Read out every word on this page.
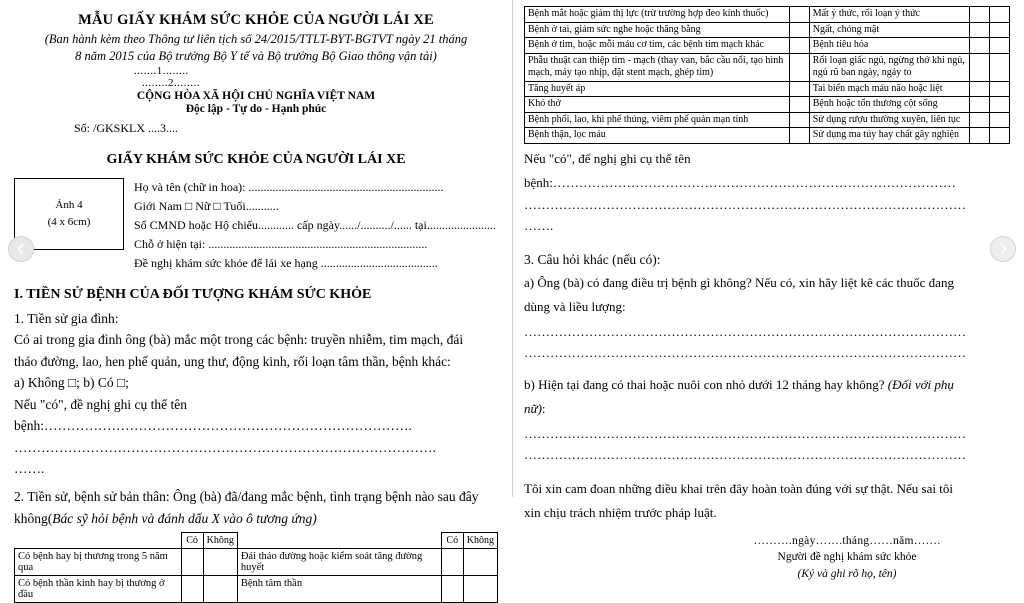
MẪU GIẤY KHÁM SỨC KHỎE CỦA NGƯỜI LÁI XE
(Ban hành kèm theo Thông tư liên tịch số 24/2015/TTLT-BYT-BGTVT ngày 21 tháng
8 năm 2015 của Bộ trưởng Bộ Y tế và Bộ trưởng Bộ Giao thông vận tải)
.......1........
........2........
CỘNG HÒA XÃ HỘI CHỦ NGHĨA VIỆT NAM
Độc lập - Tự do - Hạnh phúc
Số: /GKSKLX ....3....
GIẤY KHÁM SỨC KHỎE CỦA NGƯỜI LÁI XE
Ảnh 4
(4 x 6cm)
Họ và tên (chữ in hoa): .................................................................
Giới Nam □ Nữ □ Tuổi...........
Số CMND hoặc Hộ chiếu............ cấp ngày....../........../...... tại.......................
Chỗ ở hiện tại: .........................................................................
Đề nghị khám sức khỏe để lái xe hạng .......................................
I. TIỀN SỬ BỆNH CỦA ĐỐI TƯỢNG KHÁM SỨC KHỎE
1. Tiền sử gia đình:
Có ai trong gia đình ông (bà) mắc một trong các bệnh: truyền nhiễm, tim mạch, đái
tháo đường, lao, hen phế quản, ung thư, động kinh, rối loạn tâm thần, bệnh khác:
a) Không □; b) Có □;
Nếu "có", đề nghị ghi cụ thể tên
bệnh:……………………………………………………………………….
………………………………………………………………………………….
…….
2. Tiền sử, bệnh sử bản thân: Ông (bà) đã/đang mắc bệnh, tình trạng bệnh nào sau đây
không(Bác sỹ hỏi bệnh và đánh dấu X vào ô tương ứng)
	Có	Không		Có	Không
Có bệnh hay bị thương trong 5 năm qua			Đái tháo đường hoặc kiểm soát tăng đường huyết		
Có bệnh thần kinh hay bị thương ở đầu			Bệnh tâm thần		
Bệnh mắt hoặc giảm thị lực (trừ trường hợp đeo kính thuốc)		Mất ý thức, rối loạn ý thức		
Bệnh ở tai, giảm sức nghe hoặc thăng bằng		Ngất, chóng mặt		
Bệnh ở tim, hoặc mỗi máu cơ tim, các bệnh tim mạch khác		Bệnh tiêu hóa		
Phẫu thuật can thiệp tim - mạch (thay van, bắc cầu nối, tạo hình mạch, máy tạo nhịp, đặt stent mạch, ghép tim)		Rối loạn giấc ngủ, ngừng thở khi ngủ, ngủ rũ ban ngày, ngáy to		
Tăng huyết áp		Tai biến mạch máu não hoặc liệt		
Khó thở		Bệnh hoặc tổn thương cột sống		
Bệnh phổi, lao, khi phế thủng, viêm phế quản mạn tính		Sử dụng rượu thường xuyên, liên tục		
Bệnh thận, lọc máu		Sử dụng ma túy hay chất gây nghiện		
Nếu "có", để nghị ghi cụ thể tên
bệnh:…………………………………………………………………………………
…………………………………………………………………………………………
…….
3. Câu hỏi khác (nếu có):
a) Ông (bà) có đang điều trị bệnh gì không? Nếu có, xin hãy liệt kê các thuốc đang
dùng và liều lượng:
…………………………………………………………………………………………
…………………………………………………………………………………………
b) Hiện tại đang có thai hoặc nuôi con nhỏ dưới 12 tháng hay không? (Đối với phụ
nữ):
…………………………………………………………………………………………
…………………………………………………………………………………………
Tôi xin cam đoan những điều khai trên đây hoàn toàn đúng với sự thật. Nếu sai tôi
xin chịu trách nhiệm trước pháp luật.
……….ngày…….tháng……năm…….
Người đề nghị khám sức khỏe
(Ký và ghi rõ họ, tên)
